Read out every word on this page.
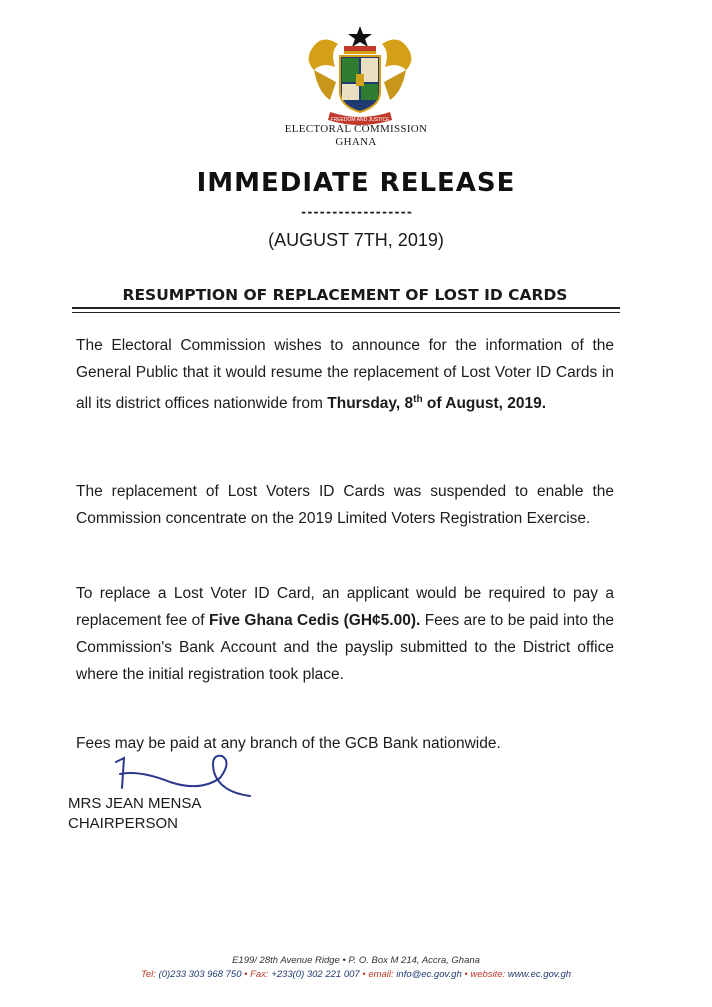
FREEDOM AND JUSTICE
ELECTORAL COMMISSION
GHANA
IMMEDIATE RELEASE
------------------
(AUGUST 7TH, 2019)
RESUMPTION OF REPLACEMENT OF LOST ID CARDS
The Electoral Commission wishes to announce for the information of the General Public that it would resume the replacement of Lost Voter ID Cards in all its district offices nationwide from Thursday, 8th of August, 2019.
The replacement of Lost Voters ID Cards was suspended to enable the Commission concentrate on the 2019 Limited Voters Registration Exercise.
To replace a Lost Voter ID Card, an applicant would be required to pay a replacement fee of Five Ghana Cedis (GH¢5.00). Fees are to be paid into the Commission's Bank Account and the payslip submitted to the District office where the initial registration took place.
Fees may be paid at any branch of the GCB Bank nationwide.
MRS JEAN MENSA
CHAIRPERSON
E199/ 28th Avenue Ridge • P. O. Box M 214, Accra, Ghana
Tel: (0)233 303 968 750 • Fax: +233(0) 302 221 007 • email: info@ec.gov.gh • website: www.ec.gov.gh
